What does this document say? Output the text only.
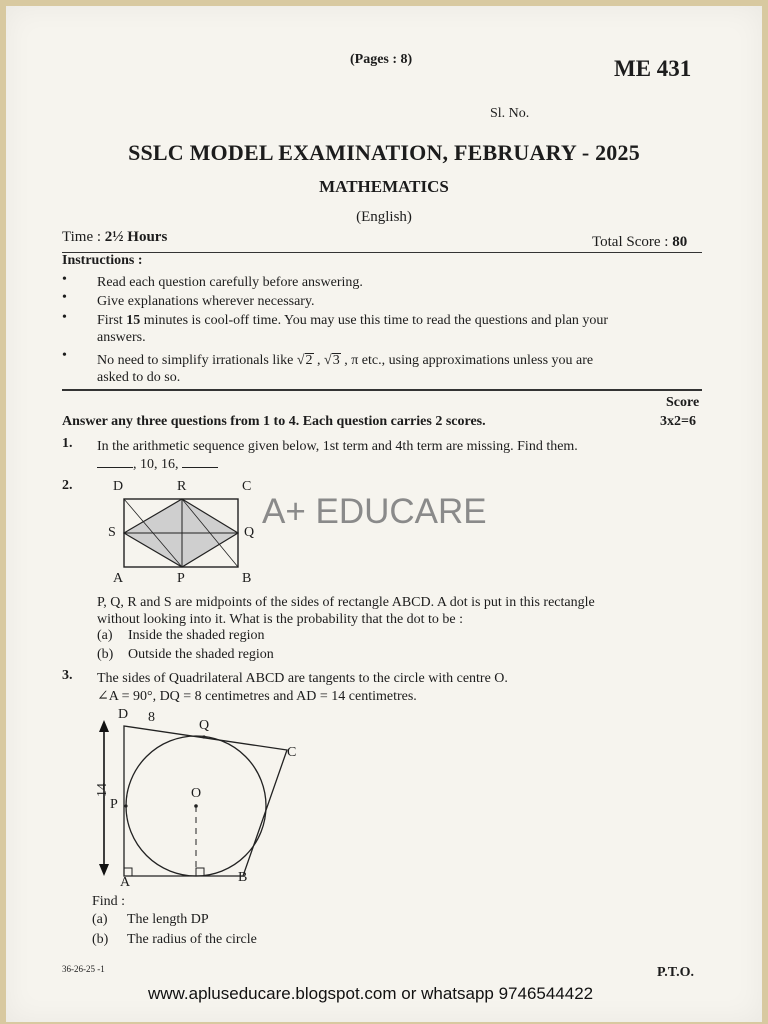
(Pages : 8)	ME 431
Sl. No.
SSLC MODEL EXAMINATION, FEBRUARY - 2025
MATHEMATICS
(English)
Time : 2½ Hours	Total Score : 80
Instructions :
• Read each question carefully before answering.
• Give explanations wherever necessary.
• First 15 minutes is cool-off time. You may use this time to read the questions and plan your
answers.
• No need to simplify irrationals like √2 , √3 , π etc., using approximations unless you are
asked to do so.
Score
Answer any three questions from 1 to 4. Each question carries 2 scores.	3x2=6
1. In the arithmetic sequence given below, 1st term and 4th term are missing. Find them.
, 10, 16,
2.	D	R	C
S	Q
A	P	B
A+ EDUCARE
P, Q, R and S are midpoints of the sides of rectangle ABCD. A dot is put in this rectangle
without looking into it. What is the probability that the dot to be :
(a) Inside the shaded region
(b) Outside the shaded region
3. The sides of Quadrilateral ABCD are tangents to the circle with centre O.
∠A = 90°, DQ = 8 centimetres and AD = 14 centimetres.
D 8
Q
C
14
P
O
A	B
Find :
(a) The length DP
(b) The radius of the circle
36-26-25 -1	P.T.O.
www.apluseducare.blogspot.com or whatsapp 9746544422
